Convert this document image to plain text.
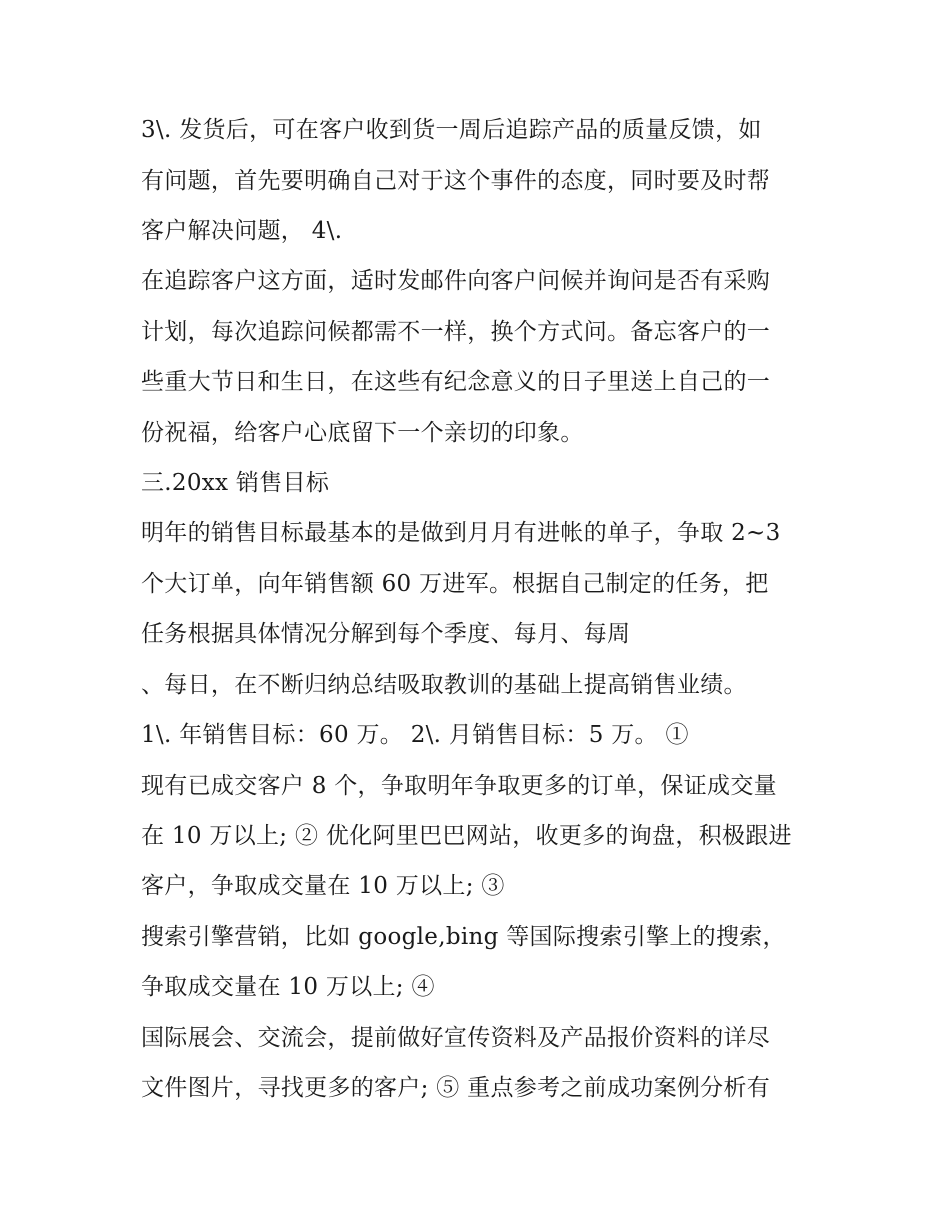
3\. 发货后，可在客户收到货一周后追踪产品的质量反馈，如

有问题，首先要明确自己对于这个事件的态度，同时要及时帮

客户解决问题， 4\.

在追踪客户这方面，适时发邮件向客户问候并询问是否有采购

计划，每次追踪问候都需不一样，换个方式问。备忘客户的一

些重大节日和生日，在这些有纪念意义的日子里送上自己的一

份祝福，给客户心底留下一个亲切的印象。

三.20xx 销售目标

明年的销售目标最基本的是做到月月有进帐的单子，争取 2~3

个大订单，向年销售额 60 万进军。根据自己制定的任务，把

任务根据具体情况分解到每个季度、每月、每周

、每日，在不断归纳总结吸取教训的基础上提高销售业绩。

1\. 年销售目标：60 万。 2\. 月销售目标：5 万。 ①

现有已成交客户 8 个，争取明年争取更多的订单，保证成交量

在 10 万以上; ② 优化阿里巴巴网站，收更多的询盘，积极跟进

客户，争取成交量在 10 万以上; ③

搜索引擎营销，比如 google,bing 等国际搜索引擎上的搜索，

争取成交量在 10 万以上; ④

国际展会、交流会，提前做好宣传资料及产品报价资料的详尽

文件图片，寻找更多的客户; ⑤ 重点参考之前成功案例分析有
